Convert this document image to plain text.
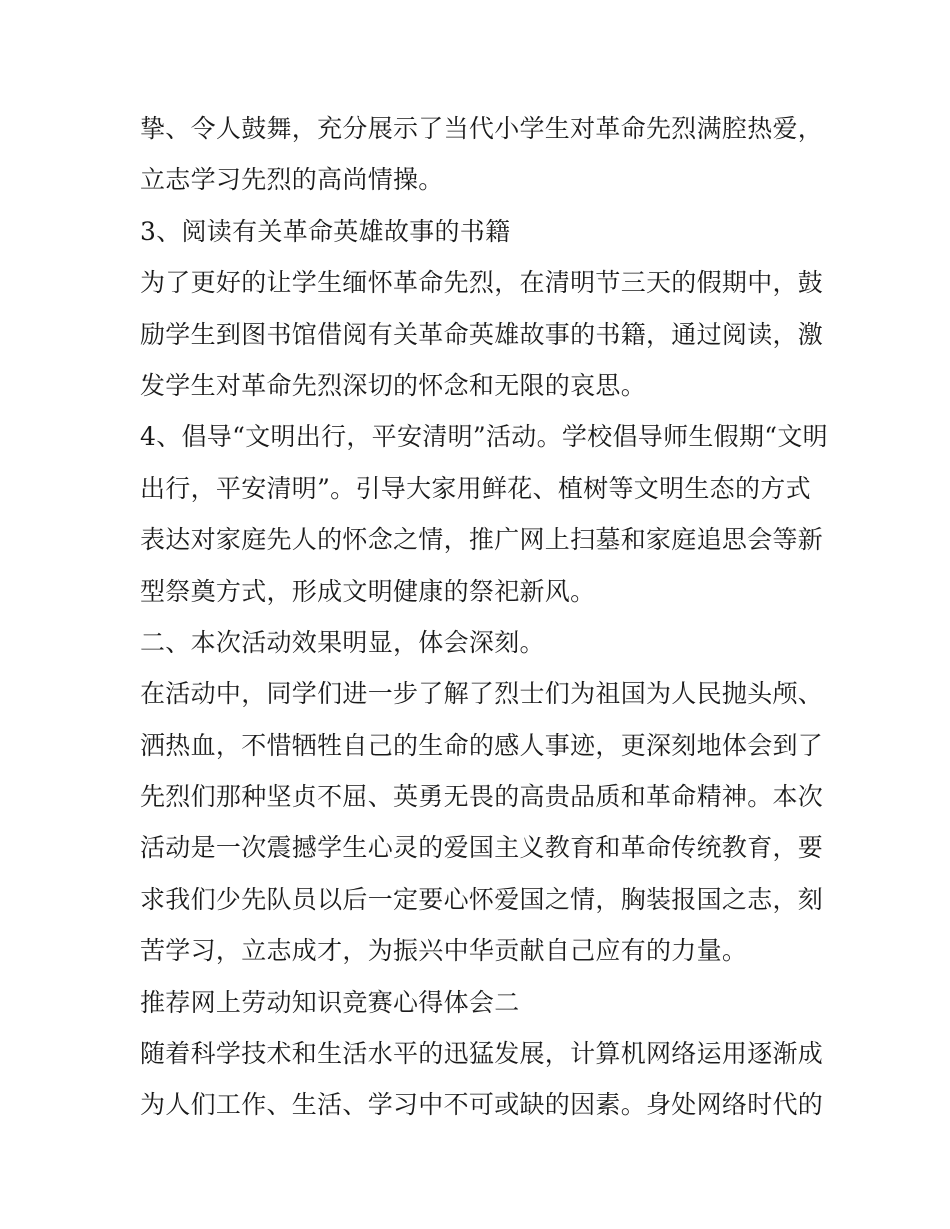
挚、令人鼓舞，充分展示了当代小学生对革命先烈满腔热爱，
立志学习先烈的高尚情操。
3、阅读有关革命英雄故事的书籍
为了更好的让学生缅怀革命先烈，在清明节三天的假期中，鼓
励学生到图书馆借阅有关革命英雄故事的书籍，通过阅读，激
发学生对革命先烈深切的怀念和无限的哀思。
4、倡导“文明出行，平安清明”活动。学校倡导师生假期“文明
出行，平安清明”。引导大家用鲜花、植树等文明生态的方式
表达对家庭先人的怀念之情，推广网上扫墓和家庭追思会等新
型祭奠方式，形成文明健康的祭祀新风。
二、本次活动效果明显，体会深刻。
在活动中，同学们进一步了解了烈士们为祖国为人民抛头颅、
洒热血，不惜牺牲自己的生命的感人事迹，更深刻地体会到了
先烈们那种坚贞不屈、英勇无畏的高贵品质和革命精神。本次
活动是一次震撼学生心灵的爱国主义教育和革命传统教育，要
求我们少先队员以后一定要心怀爱国之情，胸装报国之志，刻
苦学习，立志成才，为振兴中华贡献自己应有的力量。
推荐网上劳动知识竞赛心得体会二
随着科学技术和生活水平的迅猛发展，计算机网络运用逐渐成
为人们工作、生活、学习中不可或缺的因素。身处网络时代的
